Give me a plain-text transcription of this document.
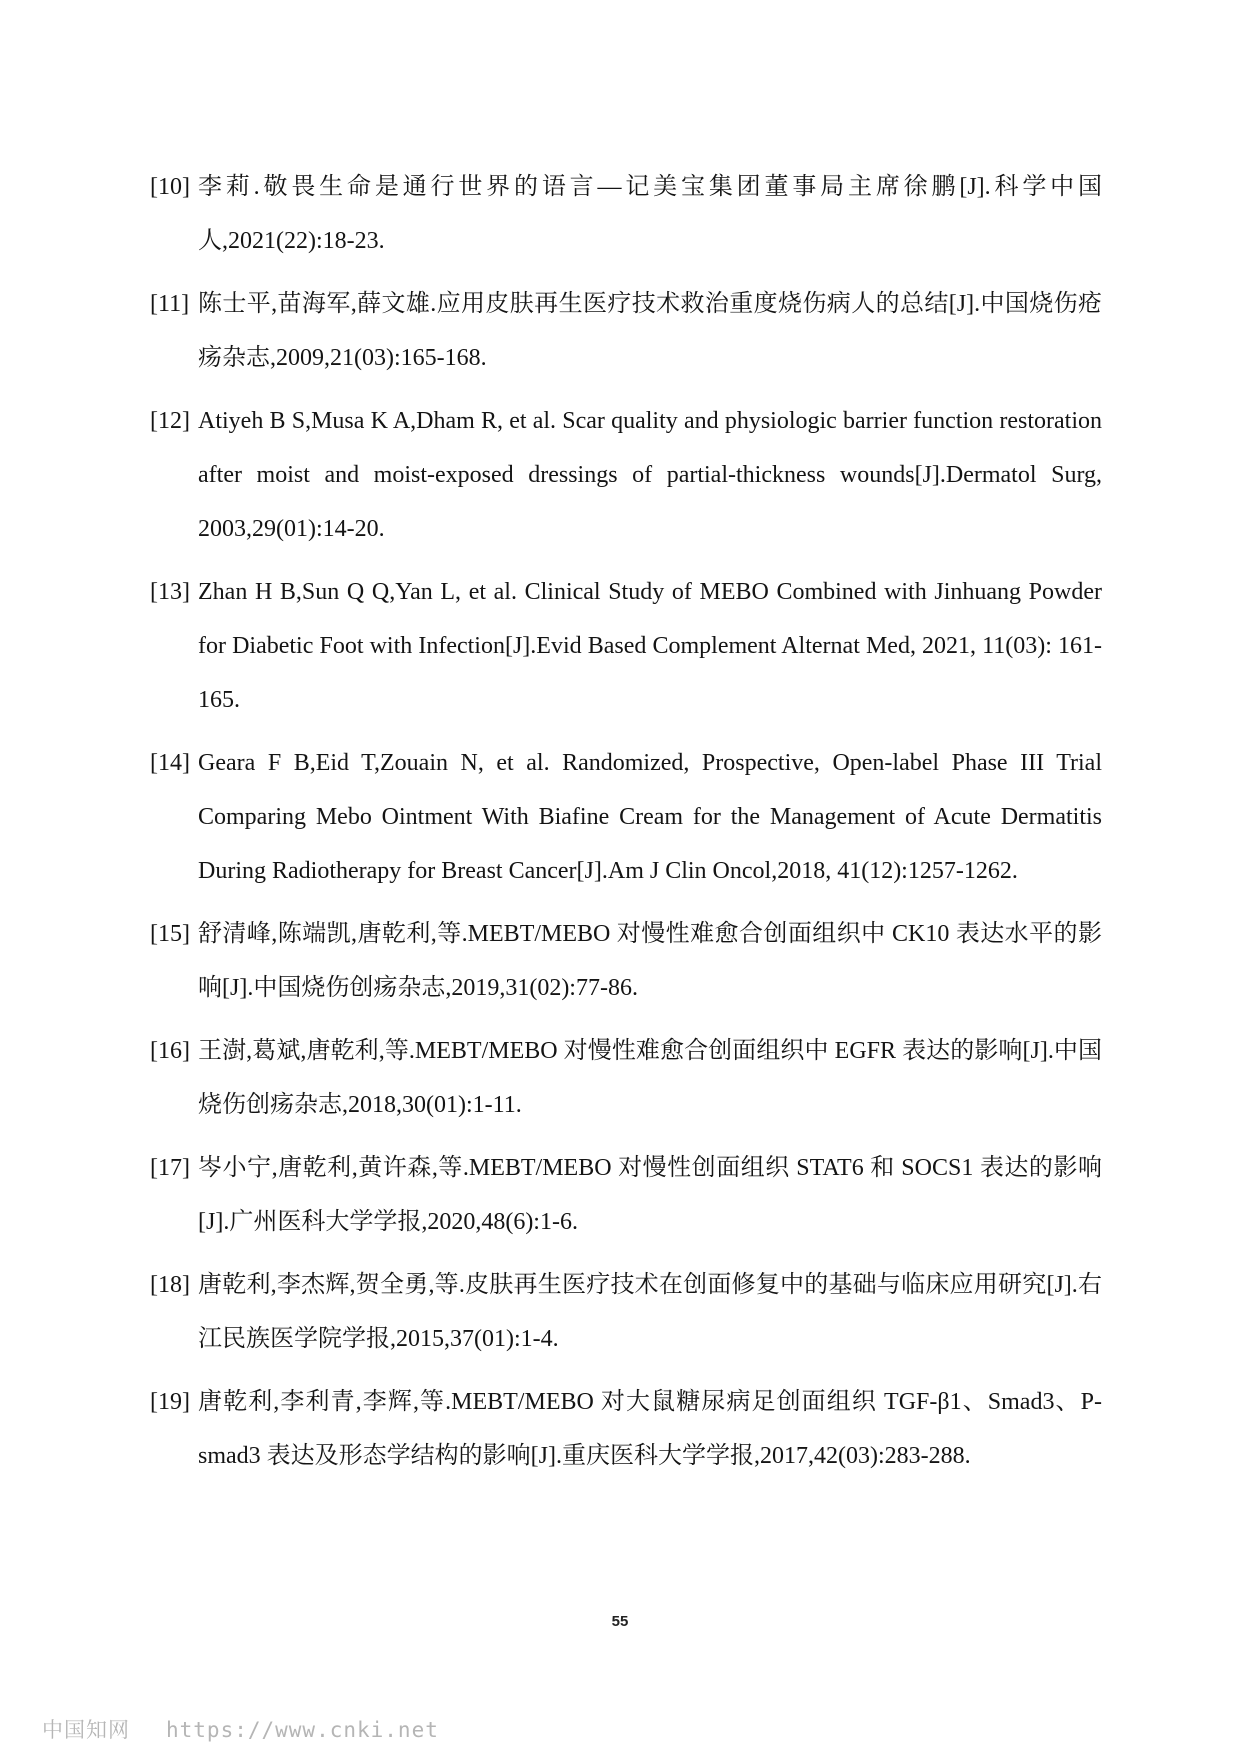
[10] 李莉.敬畏生命是通行世界的语言—记美宝集团董事局主席徐鹏[J].科学中国人,2021(22):18-23.
[11] 陈士平,苗海军,薛文雄.应用皮肤再生医疗技术救治重度烧伤病人的总结[J].中国烧伤疮疡杂志,2009,21(03):165-168.
[12] Atiyeh B S,Musa K A,Dham R, et al. Scar quality and physiologic barrier function restoration after moist and moist-exposed dressings of partial-thickness wounds[J].Dermatol Surg, 2003,29(01):14-20.
[13] Zhan H B,Sun Q Q,Yan L, et al. Clinical Study of MEBO Combined with Jinhuang Powder for Diabetic Foot with Infection[J].Evid Based Complement Alternat Med, 2021, 11(03): 161-165.
[14] Geara F B,Eid T,Zouain N, et al. Randomized, Prospective, Open-label Phase III Trial Comparing Mebo Ointment With Biafine Cream for the Management of Acute Dermatitis During Radiotherapy for Breast Cancer[J].Am J Clin Oncol,2018, 41(12):1257-1262.
[15] 舒清峰,陈端凯,唐乾利,等.MEBT/MEBO 对慢性难愈合创面组织中 CK10 表达水平的影响[J].中国烧伤创疡杂志,2019,31(02):77-86.
[16] 王澍,葛斌,唐乾利,等.MEBT/MEBO 对慢性难愈合创面组织中 EGFR 表达的影响[J].中国烧伤创疡杂志,2018,30(01):1-11.
[17] 岑小宁,唐乾利,黄许森,等.MEBT/MEBO 对慢性创面组织 STAT6 和 SOCS1 表达的影响[J].广州医科大学学报,2020,48(6):1-6.
[18] 唐乾利,李杰辉,贺全勇,等.皮肤再生医疗技术在创面修复中的基础与临床应用研究[J].右江民族医学院学报,2015,37(01):1-4.
[19] 唐乾利,李利青,李辉,等.MEBT/MEBO 对大鼠糖尿病足创面组织 TGF-β1、Smad3、P-smad3 表达及形态学结构的影响[J].重庆医科大学学报,2017,42(03):283-288.
55
中国知网 https://www.cnki.net
